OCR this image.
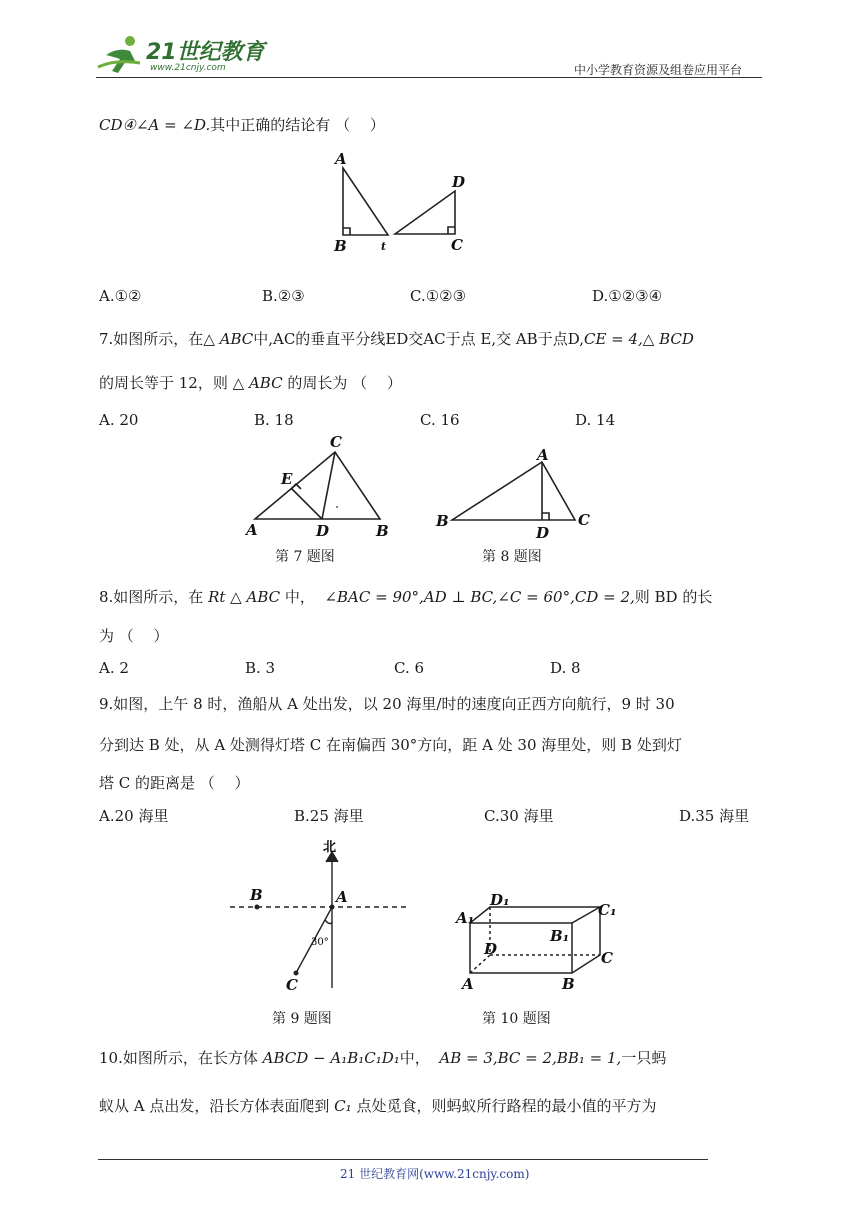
21世纪教育
www.21cnjy.com	中小学教育资源及组卷应用平台
CD④∠A = ∠D.其中正确的结论有 （　 ）
A
B	t
D
C
A.①②	B.②③	C.①②③	D.①②③④
7.如图所示，在△ ABC中,AC的垂直平分线ED交AC于点 E,交 AB于点D,CE = 4,△ BCD
的周长等于 12，则 △ ABC 的周长为 （　 ）
A. 20	B. 18	C. 16	D. 14
C
E
A	D	B
第 7 题图
A
B
D
C
第 8 题图
8.如图所示，在 Rt △ ABC 中， ∠BAC = 90°,AD ⊥ BC,∠C = 60°,CD = 2,则 BD 的长
为 （　 ）
A. 2	B. 3	C. 6	D. 8
9.如图，上午 8 时，渔船从 A 处出发，以 20 海里/时的速度向正西方向航行，9 时 30
分到达 B 处，从 A 处测得灯塔 C 在南偏西 30°方向，距 A 处 30 海里处，则 B 处到灯
塔 C 的距离是 （　 ）
A.20 海里	B.25 海里	C.30 海里	D.35 海里
北
B	A
30°
C
第 9 题图
A₁
D₁
C₁
B₁
D	C
A	B
第 10 题图
10.如图所示，在长方体 ABCD − A₁B₁C₁D₁中， AB = 3,BC = 2,BB₁ = 1,一只蚂
蚁从 A 点出发，沿长方体表面爬到 C₁ 点处觅食，则蚂蚁所行路程的最小值的平方为
21 世纪教育网(www.21cnjy.com)
